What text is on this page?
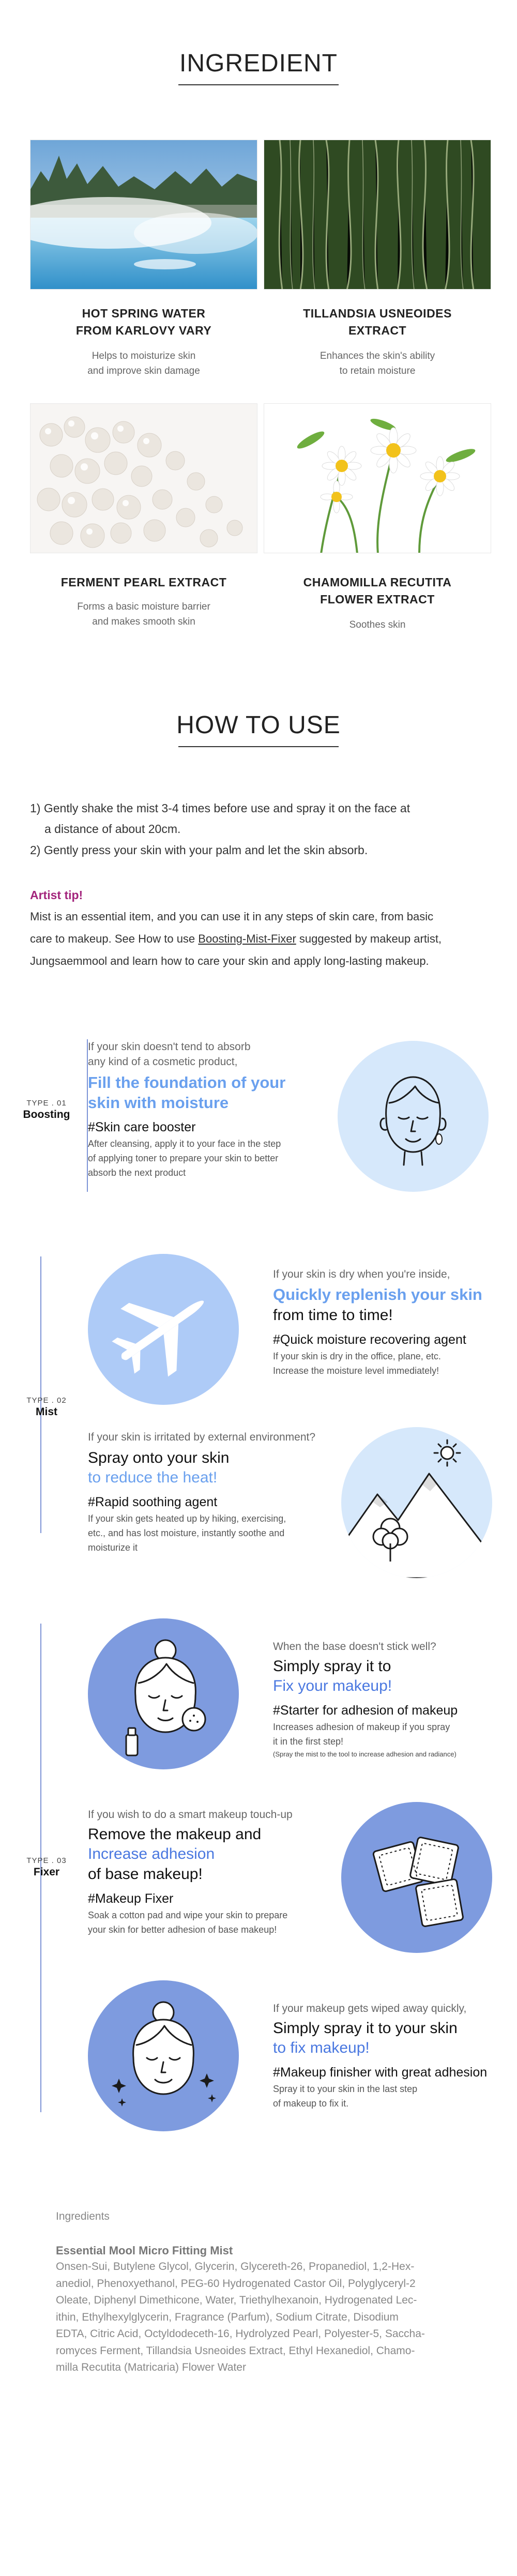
INGREDIENT
HOT SPRING WATER
FROM KARLOVY VARY
Helps to moisturize skin
and improve skin damage
TILLANDSIA USNEOIDES
EXTRACT
Enhances the skin's ability
to retain moisture
FERMENT PEARL EXTRACT
Forms a basic moisture barrier
and makes smooth skin
CHAMOMILLA RECUTITA
FLOWER EXTRACT
Soothes skin
HOW TO USE
1) Gently shake the mist 3-4 times before use and spray it on the face at
a distance of about 20cm.
2) Gently press your skin with your palm and let the skin absorb.
Artist tip!
Mist is an essential item, and you can use it in any steps of skin care, from basic
care to makeup. See How to use Boosting-Mist-Fixer suggested by makeup artist,
Jungsaemmool and learn how to care your skin and apply long-lasting makeup.
TYPE . 01
Boosting
If your skin doesn't tend to absorb
any kind of a cosmetic product,
Fill the foundation of your
skin with moisture
#Skin care booster
After cleansing, apply it to your face in the step
of applying toner to prepare your skin to better
absorb the next product
TYPE . 02
Mist
If your skin is dry when you're inside,
Quickly replenish your skin
from time to time!
#Quick moisture recovering agent
If your skin is dry in the office, plane, etc.
Increase the moisture level immediately!
If your skin is irritated by external environment?
Spray onto your skin
to reduce the heat!
#Rapid soothing agent
If your skin gets heated up by hiking, exercising,
etc., and has lost moisture, instantly soothe and
moisturize it
TYPE . 03
Fixer
When the base doesn't stick well?
Simply spray it to
Fix your makeup!
#Starter for adhesion of makeup
Increases adhesion of makeup if you spray
it in the first step!
(Spray the mist to the tool to increase adhesion and radiance)
If you wish to do a smart makeup touch-up
Remove the makeup and
Increase adhesion
of base makeup!
#Makeup Fixer
Soak a cotton pad and wipe your skin to prepare
your skin for better adhesion of base makeup!
If your makeup gets wiped away quickly,
Simply spray it to your skin
to fix makeup!
#Makeup finisher with great adhesion
Spray it to your skin in the last step
of makeup to fix it.
Ingredients
Essential Mool Micro Fitting Mist
Onsen-Sui, Butylene Glycol, Glycerin, Glycereth-26, Propanediol, 1,2-Hex-
anediol, Phenoxyethanol, PEG-60 Hydrogenated Castor Oil, Polyglyceryl-2
Oleate, Diphenyl Dimethicone, Water, Triethylhexanoin, Hydrogenated Lec-
ithin, Ethylhexylglycerin, Fragrance (Parfum), Sodium Citrate, Disodium
EDTA, Citric Acid, Octyldodeceth-16, Hydrolyzed Pearl, Polyester-5, Saccha-
romyces Ferment, Tillandsia Usneoides Extract, Ethyl Hexanediol, Chamo-
milla Recutita (Matricaria) Flower Water
